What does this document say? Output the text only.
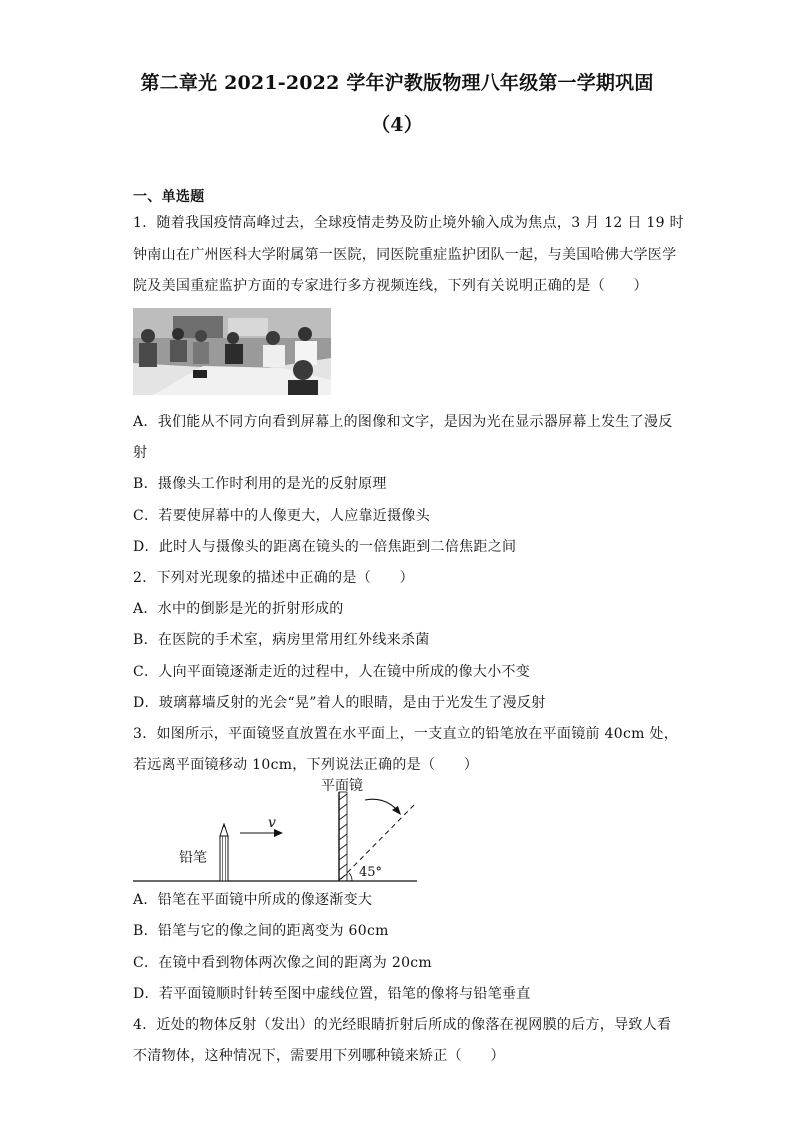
第二章光 2021-2022 学年沪教版物理八年级第一学期巩固
（4）
一、单选题
1．随着我国疫情高峰过去，全球疫情走势及防止境外输入成为焦点，3 月 12 日 19 时
钟南山在广州医科大学附属第一医院，同医院重症监护团队一起，与美国哈佛大学医学
院及美国重症监护方面的专家进行多方视频连线，下列有关说明正确的是（　　）
A．我们能从不同方向看到屏幕上的图像和文字，是因为光在显示器屏幕上发生了漫反
射
B．摄像头工作时利用的是光的反射原理
C．若要使屏幕中的人像更大，人应靠近摄像头
D．此时人与摄像头的距离在镜头的一倍焦距到二倍焦距之间
2．下列对光现象的描述中正确的是（　　）
A．水中的倒影是光的折射形成的
B．在医院的手术室，病房里常用红外线来杀菌
C．人向平面镜逐渐走近的过程中，人在镜中所成的像大小不变
D．玻璃幕墙反射的光会“晃”着人的眼睛，是由于光发生了漫反射
3．如图所示，平面镜竖直放置在水平面上，一支直立的铅笔放在平面镜前 40cm 处，
若远离平面镜移动 10cm，下列说法正确的是（　　）
平面镜
铅笔
v
45°
A．铅笔在平面镜中所成的像逐渐变大
B．铅笔与它的像之间的距离变为 60cm
C．在镜中看到物体两次像之间的距离为 20cm
D．若平面镜顺时针转至图中虚线位置，铅笔的像将与铅笔垂直
4．近处的物体反射（发出）的光经眼睛折射后所成的像落在视网膜的后方，导致人看
不清物体，这种情况下，需要用下列哪种镜来矫正（　　）
